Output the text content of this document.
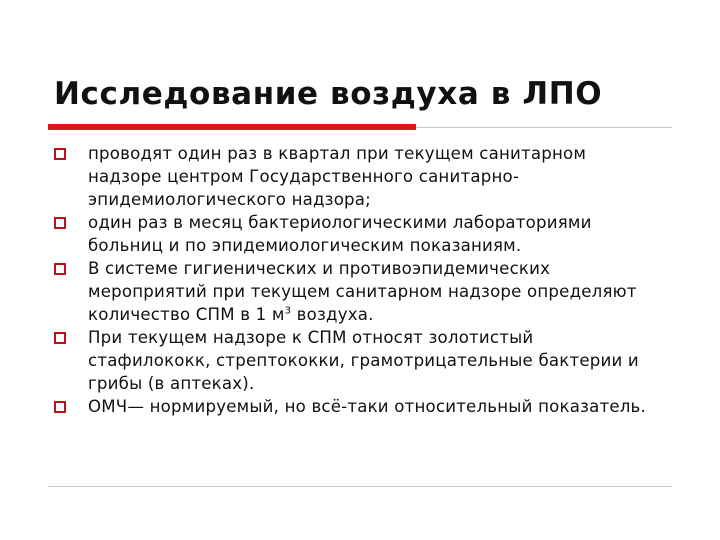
Исследование воздуха в ЛПО
проводят один раз в квартал при текущем санитарном надзоре центром Государственного санитарно-эпидемиологического надзора;
один раз в месяц бактериологическими лабораториями больниц и по эпидемиологическим показаниям.
В системе гигиенических и противоэпидемических мероприятий при текущем санитарном надзоре определяют количество СПМ в 1 $м^3$ воздуха.
При текущем надзоре к СПМ относят золотистый стафилококк, стрептококки, грамотрицательные бактерии и грибы (в аптеках).
ОМЧ— нормируемый, но всё-таки относительный показатель.
